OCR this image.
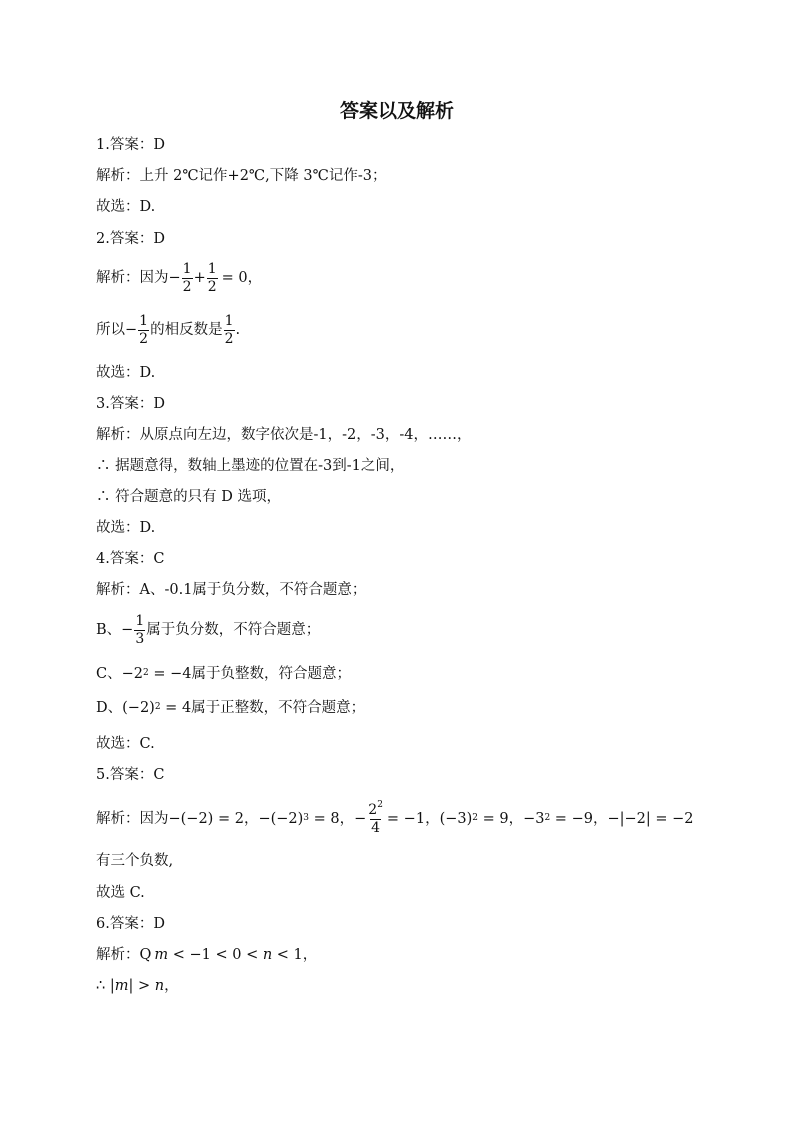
答案以及解析
1.答案：D
解析：上升 2℃记作+2℃,下降 3℃记作-3；
故选：D.
2.答案：D
解析：因为 − $\frac{1}{2} + \frac{1}{2} = 0$ ，
所以 − $\frac{1}{2}$ 的相反数是 $\frac{1}{2}$ .
故选：D.
3.答案：D
解析：从原点向左边，数字依次是-1，-2，-3，-4，……，
∴ 据题意得，数轴上墨迹的位置在-3到-1之间，
∴ 符合题意的只有 D 选项，
故选：D.
4.答案：C
解析：A、-0.1属于负分数，不符合题意；
B、 − $\frac{1}{3}$ 属于负分数，不符合题意；
C、 $-2^2 = -4$ 属于负整数，符合题意；
D、 $(-2)^2 = 4$ 属于正整数，不符合题意；
故选：C.
5.答案：C
解析：因为 −(−2) = 2 ， $-(-2)^3 = 8$ ， − $\frac{2^2}{4} = -1$ ， $(-3)^2 = 9$ ， $-3^2 = -9$ ， −|−2| = −2
有三个负数,
故选 C.
6.答案：D
解析： Q m < −1 < 0 < n < 1 ，
∴ | m | > n ，
